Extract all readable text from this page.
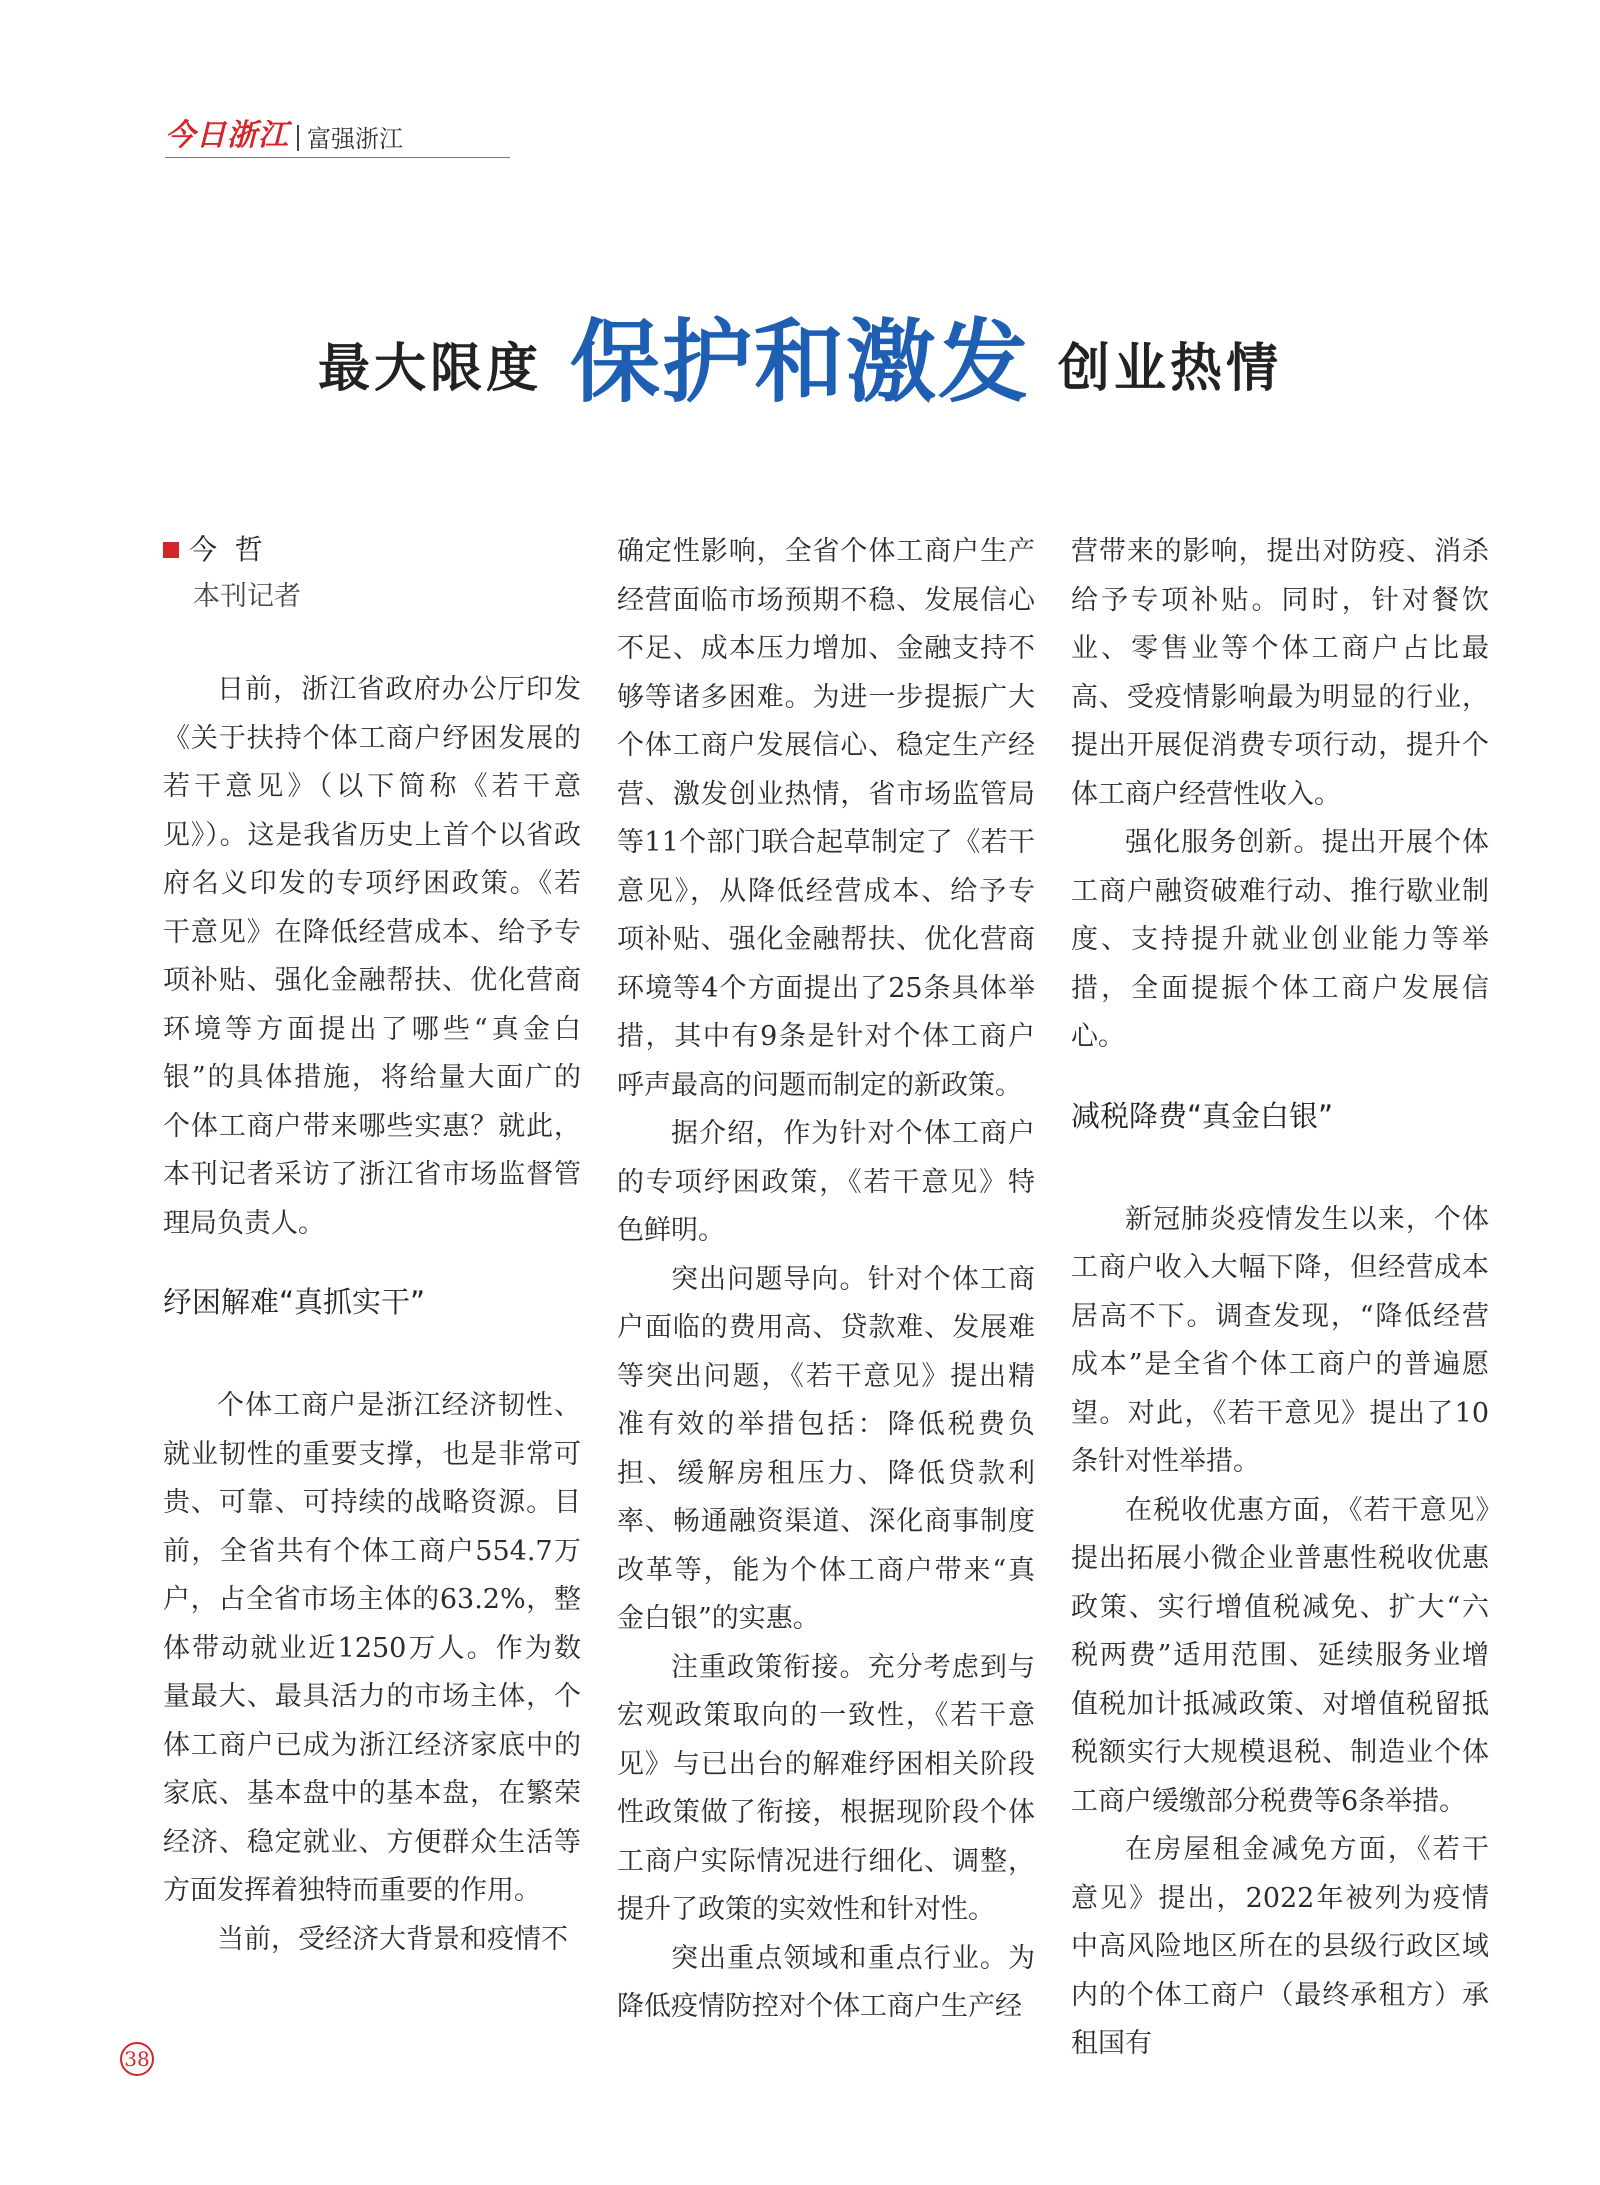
今日浙江 富强浙江
最大限度 保护和激发 创业热情
今  哲
本刊记者

日前，浙江省政府办公厅印发《关于扶持个体工商户纾困发展的若干意见》（以下简称《若干意见》）。这是我省历史上首个以省政府名义印发的专项纾困政策。《若干意见》在降低经营成本、给予专项补贴、强化金融帮扶、优化营商环境等方面提出了哪些“真金白银”的具体措施，将给量大面广的个体工商户带来哪些实惠？就此，本刊记者采访了浙江省市场监督管理局负责人。

纾困解难“真抓实干”

个体工商户是浙江经济韧性、就业韧性的重要支撑，也是非常可贵、可靠、可持续的战略资源。目前，全省共有个体工商户554.7万户，占全省市场主体的63.2%，整体带动就业近1250万人。作为数量最大、最具活力的市场主体，个体工商户已成为浙江经济家底中的家底、基本盘中的基本盘，在繁荣经济、稳定就业、方便群众生活等方面发挥着独特而重要的作用。

当前，受经济大背景和疫情不

确定性影响，全省个体工商户生产经营面临市场预期不稳、发展信心不足、成本压力增加、金融支持不够等诸多困难。为进一步提振广大个体工商户发展信心、稳定生产经营、激发创业热情，省市场监管局等11个部门联合起草制定了《若干意见》，从降低经营成本、给予专项补贴、强化金融帮扶、优化营商环境等4个方面提出了25条具体举措，其中有9条是针对个体工商户呼声最高的问题而制定的新政策。

据介绍，作为针对个体工商户的专项纾困政策，《若干意见》特色鲜明。

突出问题导向。针对个体工商户面临的费用高、贷款难、发展难等突出问题，《若干意见》提出精准有效的举措包括：降低税费负担、缓解房租压力、降低贷款利率、畅通融资渠道、深化商事制度改革等，能为个体工商户带来“真金白银”的实惠。

注重政策衔接。充分考虑到与宏观政策取向的一致性，《若干意见》与已出台的解难纾困相关阶段性政策做了衔接，根据现阶段个体工商户实际情况进行细化、调整，提升了政策的实效性和针对性。

突出重点领域和重点行业。为降低疫情防控对个体工商户生产经

营带来的影响，提出对防疫、消杀给予专项补贴。同时，针对餐饮业、零售业等个体工商户占比最高、受疫情影响最为明显的行业，提出开展促消费专项行动，提升个体工商户经营性收入。

强化服务创新。提出开展个体工商户融资破难行动、推行歇业制度、支持提升就业创业能力等举措，全面提振个体工商户发展信心。

减税降费“真金白银”

新冠肺炎疫情发生以来，个体工商户收入大幅下降，但经营成本居高不下。调查发现，“降低经营成本”是全省个体工商户的普遍愿望。对此，《若干意见》提出了10条针对性举措。

在税收优惠方面，《若干意见》提出拓展小微企业普惠性税收优惠政策、实行增值税减免、扩大“六税两费”适用范围、延续服务业增值税加计抵减政策、对增值税留抵税额实行大规模退税、制造业个体工商户缓缴部分税费等6条举措。

在房屋租金减免方面，《若干意见》提出，2022年被列为疫情中高风险地区所在的县级行政区域内的个体工商户（最终承租方）承租国有

38
